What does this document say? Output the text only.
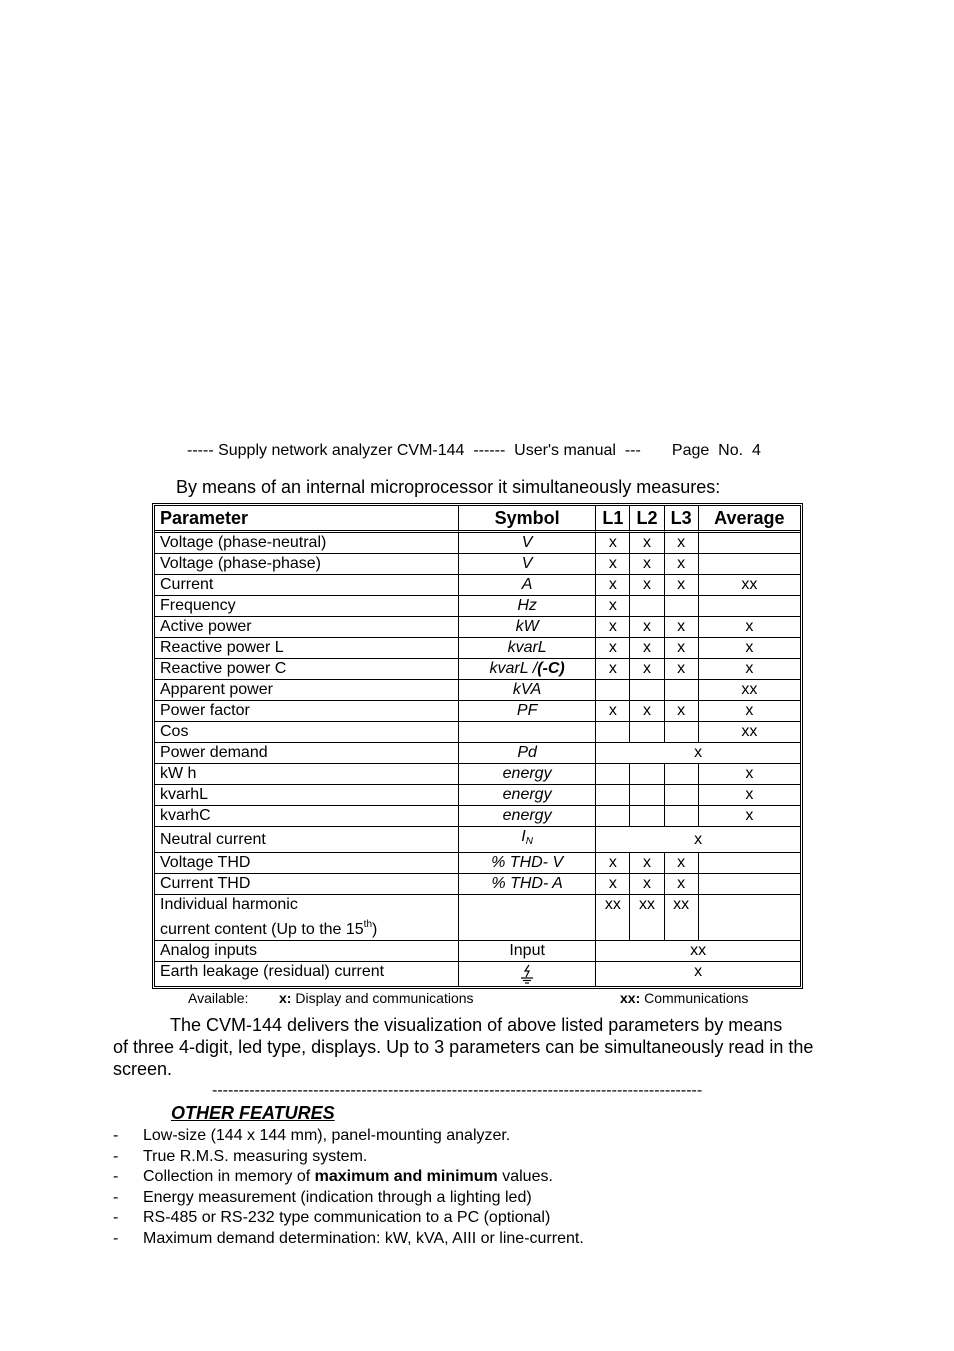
----- Supply network analyzer CVM-144  ------  User's manual  ---       Page  No.  4
By means of an internal microprocessor it simultaneously measures:
Parameter	Symbol	L1	L2	L3	Average
Voltage (phase-neutral)	V	x	x	x	
Voltage (phase-phase)	V	x	x	x	
Current	A	x	x	x	xx
Frequency	Hz	x			
Active power	kW	x	x	x	x
Reactive power L	kvarL	x	x	x	x
Reactive power C	kvarL /(-C)	x	x	x	x
Apparent power	kVA				xx
Power factor	PF	x	x	x	x
Cos					xx
Power demand	Pd	x			
kW h	energy				x
kvarhL	energy				x
kvarhC	energy				x
Neutral current	$I_N$	x			
Voltage THD	% THD- V	x	x	x	
Current THD	% THD- A	x	x	x	

Individual harmonic
current content (Up to the 15th)		xx	xx	xx	
Analog inputs	Input	xx			
Earth leakage (residual) current		x			
Available: x: Display and communications	xx: Communications
The CVM-144 delivers the visualization of above listed parameters by means
of three 4-digit, led type, displays. Up to 3 parameters can be simultaneously read in the screen.
--------------------------------------------------------------------------------------------
OTHER FEATURES
- Low-size (144 x 144 mm), panel-mounting analyzer.
- True R.M.S. measuring system.
- Collection in memory of maximum and minimum values.
- Energy measurement (indication through a lighting led)
- RS-485 or RS-232 type communication to a PC (optional)
- Maximum demand determination: kW, kVA, AIII or line-current.
